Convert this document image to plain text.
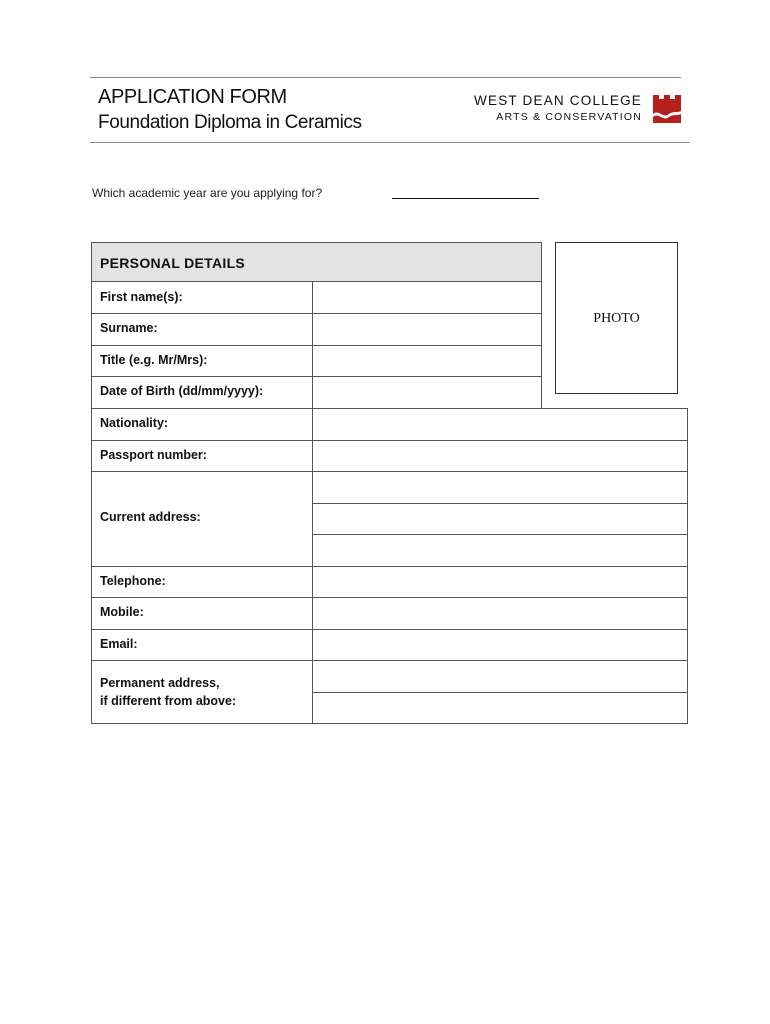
APPLICATION FORM
Foundation Diploma in Ceramics
WEST DEAN COLLEGE
ARTS & CONSERVATION
Which academic year are you applying for?
PERSONAL DETAILS
PHOTO
First name(s):
Surname:
Title (e.g. Mr/Mrs):
Date of Birth (dd/mm/yyyy):
Nationality:
Passport number:
Current address:
Telephone:
Mobile:
Email:
Permanent address,
if different from above:
